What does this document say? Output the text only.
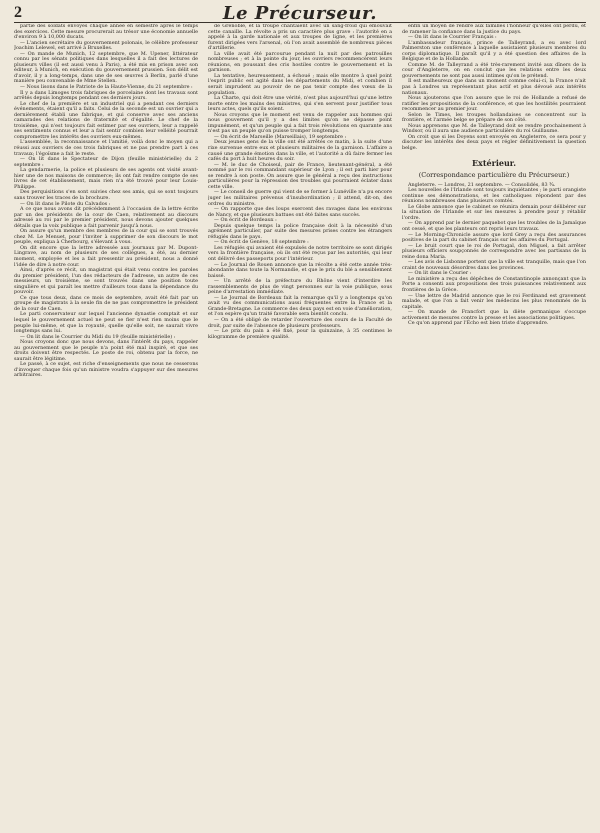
2	Le Précurseur.

partie des soldats envoyés chaque année en semestre après le temps des exercices. Cette mesure procurerait au trésor une économie annuelle d'environ 9 à 10,000 ducats.

— L'ancien secrétaire du gouvernement polonais, le célèbre professeur Joachim Lelewel, est arrivé à Bruxelles.

— On mande de Munich, 12 septembre, que M. Upener, littérateur connu par les sénats politiques dans lesquelles il a fait des lectures de plusieurs villes (il est aussi venu à Paris), a été mis en prison avec son éditeur, à Munich, en exécution du gouvernement prussien. Son délit est d'avoir, il y a long-temps, dans une de ses œuvres à Berlin, parlé d'une manière peu convenable de Mme Stellen.

— Nous lisons dans le Patriote de la Haute-Vienne, du 21 septembre :

Il y a dans Limoges trois fabriques de porcelaine dont les travaux sont arrêtés depuis longtemps pendant ces derniers jours.

Le chef de la première et un industriel qui a pendant ces derniers événements, étaient qu'il a faits. Celui de la seconde est un ouvrier qui a dernièrement établi une fabrique, et qui conserve avec ses anciens camarades des relations de fraternité et d'égalité. Le chef de la troisième, qui n'est toujours fait estimer par ses ouvriers, leur a rappelé ses sentiments connus et leur a fait sentir combien leur velléité pourrait compromettre les intérêts des ouvriers eux-mêmes.

L'assemblée, la reconnaissance et l'amitié, voilà donc le moyen qui a réussi aux ouvriers de ces trois fabriques et ne pas prendre part à ces travaux; l'égoïsme a fait le reste.

— On lit dans le Spectateur de Dijon (feuille ministérielle) du 2 septembre :

La gendarmerie, la police et plusieurs de ses agents ont visité avant-hier une de nos maisons de commerce; ils ont fait rendre compte de ses livres de cet établissement, mais rien n'a été trouvé pour leur Louis-Philippe.

Des perquisitions s'en sont suivies chez ses amis, qui se sont toujours sans trouver les traces de la brochure.

— On lit dans le Pilote du Calvados :

A ce que nous avons dit précédemment à l'occasion de la lettre écrite par un des présidents de la cour de Caen, relativement au discours adressé au roi par le premier président, nous devons ajouter quelques détails que la voix publique a fait parvenir jusqu'à nous.

On assure qu'un membre des membres de la cour qui se sont trouvés chez M. Le Menuet, pour l'inviter à supprimer de son discours le mot peuple, expliqua à Cherbourg, s'élevant à vous.

On dit encore que la lettre adressée aux journaux par M. Dupont-Lingrave, au nom de plusieurs de ses collègues, a été, au dernier moment, employée et les a fait pressentir au président, nous a donné l'idée de dire à notre cour.

Ainsi, d'après ce récit, un magistrat qui était venu contre les paroles du premier président, l'un des rédacteurs de l'adresse, un autre de ces messieurs, un troisième, se sont trouvés dans une position toute singulière et qui paraît les mettre d'ailleurs tous dans la dépendance du pouvoir.

Ce que tous deux, dans ce mois de septembre, avait été fait par un groupe de magistrats à la seule fin de ne pas compromettre le président de la cour de Caen.

Le parti conservateur sur lequel l'ancienne dynastie comptait et sur lequel le gouvernement actuel ne peut se fier n'est rien moins que le peuple lui-même, et que la royauté, quelle qu'elle soit, ne saurait vivre longtemps sans lui.

— On lit dans le Courrier du Midi du 19 (feuille ministérielle) :

Nous croyons donc que nous devons, dans l'intérêt du pays, rappeler au gouvernement que le peuple n'a point été mal inspiré, et que ses droits doivent être respectés. Le poste de roi, obtenu par la force, ne saurait être légitime.

Le passé, à ce sujet, est riche d'enseignements que nous ne cesserons d'invoquer chaque fois qu'un ministre voudra s'appuyer sur des mesures arbitraires.

de Grenoble, et la troupe chantaient avec un sang-froid qui émouvait cette canaille. La révolte a pris un caractère plus grave : l'autorité en a appelé à la garde nationale et aux troupes de ligne, et les premières furent dirigées vers l'arsenal, où l'on avait assemblé de nombreux pièces d'artillerie.

La ville avait été parcourue pendant la nuit par des patrouilles nombreuses ; et à la pointe du jour, les ouvriers recommencèrent leurs réunions, en poussant des cris hostiles contre le gouvernement et la garnison.

La tentative, heureusement, a échoué ; mais elle montre à quel point l'esprit public est agité dans les départements du Midi, et combien il serait imprudent au pouvoir de ne pas tenir compte des vœux de la population.

La Charte, qui doit être une vérité, n'est plus aujourd'hui qu'une lettre morte entre les mains des ministres, qui s'en servent pour justifier tous leurs actes, quels qu'ils soient.

Nous croyons que le moment est venu de rappeler aux hommes qui nous gouvernent qu'il y a des limites qu'on ne dépasse point impunément, et qu'un peuple qui a fait trois révolutions en quarante ans n'est pas un peuple qu'on puisse tromper longtemps.

— On écrit de Marseille (Marseillais), 19 septembre :

Deux jeunes gens de la ville ont été arrêtés ce matin, à la suite d'une rixe survenue entre eux et plusieurs militaires de la garnison. L'affaire a causé une grande émotion dans la ville, et l'autorité a dû faire fermer les cafés du port à huit heures du soir.

— M. le duc de Choiseul, pair de France, lieutenant-général, a été nommé par le roi commandant supérieur de Lyon ; il est parti hier pour se rendre à son poste. On assure que le général a reçu des instructions particulières pour la répression des troubles qui pourraient éclater dans cette ville.

— Le conseil de guerre qui vient de se former à Lunéville n'a pu encore juger les militaires prévenus d'insubordination ; il attend, dit-on, des ordres du ministre.

— On rapporte que des loups exercent des ravages dans les environs de Nancy, et que plusieurs battues ont été faites sans succès.

— On écrit de Bordeaux :

Depuis quelque temps la police française doit à la nécessité d'un agrément particulier, par suite des mesures prises contre les étrangers réfugiés dans le pays.

— On écrit de Genève, 18 septembre :

Les réfugiés qui avaient été expulsés de notre territoire se sont dirigés vers la frontière française, où ils ont été reçus par les autorités, qui leur ont délivré des passeports pour l'intérieur.

— Le Journal de Rouen annonce que la récolte a été cette année très-abondante dans toute la Normandie, et que le prix du blé a sensiblement baissé.

— Un arrêté de la préfecture du Rhône vient d'interdire les rassemblements de plus de vingt personnes sur la voie publique, sous peine d'arrestation immédiate.

— Le Journal de Bordeaux fait la remarque qu'il y a longtemps qu'on avait vu des communications aussi fréquentes entre la France et la Grande-Bretagne. Le commerce des deux pays est en voie d'amélioration, et l'on espère qu'un traité favorable sera bientôt conclu.

— On a été obligé de retarder l'ouverture des cours de la Faculté de droit, par suite de l'absence de plusieurs professeurs.

— Le prix du pain a été fixé, pour la quinzaine, à 35 centimes le kilogramme de première qualité.

enfin un moyen de rendre aux familles l'honneur qu'elles ont perdu, et de ramener la confiance dans la justice du pays.

— On lit dans le Courrier Français :

L'ambassadeur français, prince de Talleyrand, a eu avec lord Palmerston une conférence à laquelle assistaient plusieurs membres du corps diplomatique. Il paraît qu'il y a été question des affaires de la Belgique et de la Hollande.

Comme M. de Talleyrand a été très-rarement invité aux dîners de la cour d'Angleterre, on en conclut que les relations entre les deux gouvernements ne sont pas aussi intimes qu'on le prétend.

Il est malheureux que dans un moment comme celui-ci, la France n'ait pas à Londres un représentant plus actif et plus dévoué aux intérêts nationaux.

Nous ajouterons que l'on assure que le roi de Hollande a refusé de ratifier les propositions de la conférence, et que les hostilités pourraient recommencer au premier jour.

Selon le Times, les troupes hollandaises se concentrent sur la frontière, et l'armée belge se prépare de son côté.

Nous apprenons que M. de Talleyrand doit se rendre prochainement à Windsor, où il aura une audience particulière du roi Guillaume.

On croit que si les Doyens sont envoyés en Angleterre, ce sera pour y discuter les intérêts des deux pays et régler définitivement la question belge.

Extérieur.
(Correspondance particulière du Précurseur.)

Angleterre. — Londres, 21 septembre. — Consolidés, 83 ¾.

Les nouvelles de l'Irlande sont toujours inquiétantes ; le parti orangiste continue ses démonstrations, et les catholiques répondent par des réunions nombreuses dans plusieurs comtés.

Le Globe annonce que le cabinet se réunira demain pour délibérer sur la situation de l'Irlande et sur les mesures à prendre pour y rétablir l'ordre.

— On apprend par le dernier paquebot que les troubles de la Jamaïque ont cessé, et que les planteurs ont repris leurs travaux.

— Le Morning-Chronicle assure que lord Grey a reçu des assurances positives de la part du cabinet français sur les affaires du Portugal.

— Le bruit court que le roi de Portugal, don Miguel, a fait arrêter plusieurs officiers soupçonnés de correspondre avec les partisans de la reine dona Maria.

— Les avis de Lisbonne portent que la ville est tranquille, mais que l'on craint de nouveaux désordres dans les provinces.

— On lit dans le Courier :

Le ministère a reçu des dépêches de Constantinople annonçant que la Porte a consenti aux propositions des trois puissances relativement aux frontières de la Grèce.

— Une lettre de Madrid annonce que le roi Ferdinand est gravement malade, et que l'on a fait venir les médecins les plus renommés de la capitale.

— On mande de Francfort que la diète germanique s'occupe activement de mesures contre la presse et les associations politiques.

Ce qu'on apprend par l'Écho est bien triste d'apprendre.
